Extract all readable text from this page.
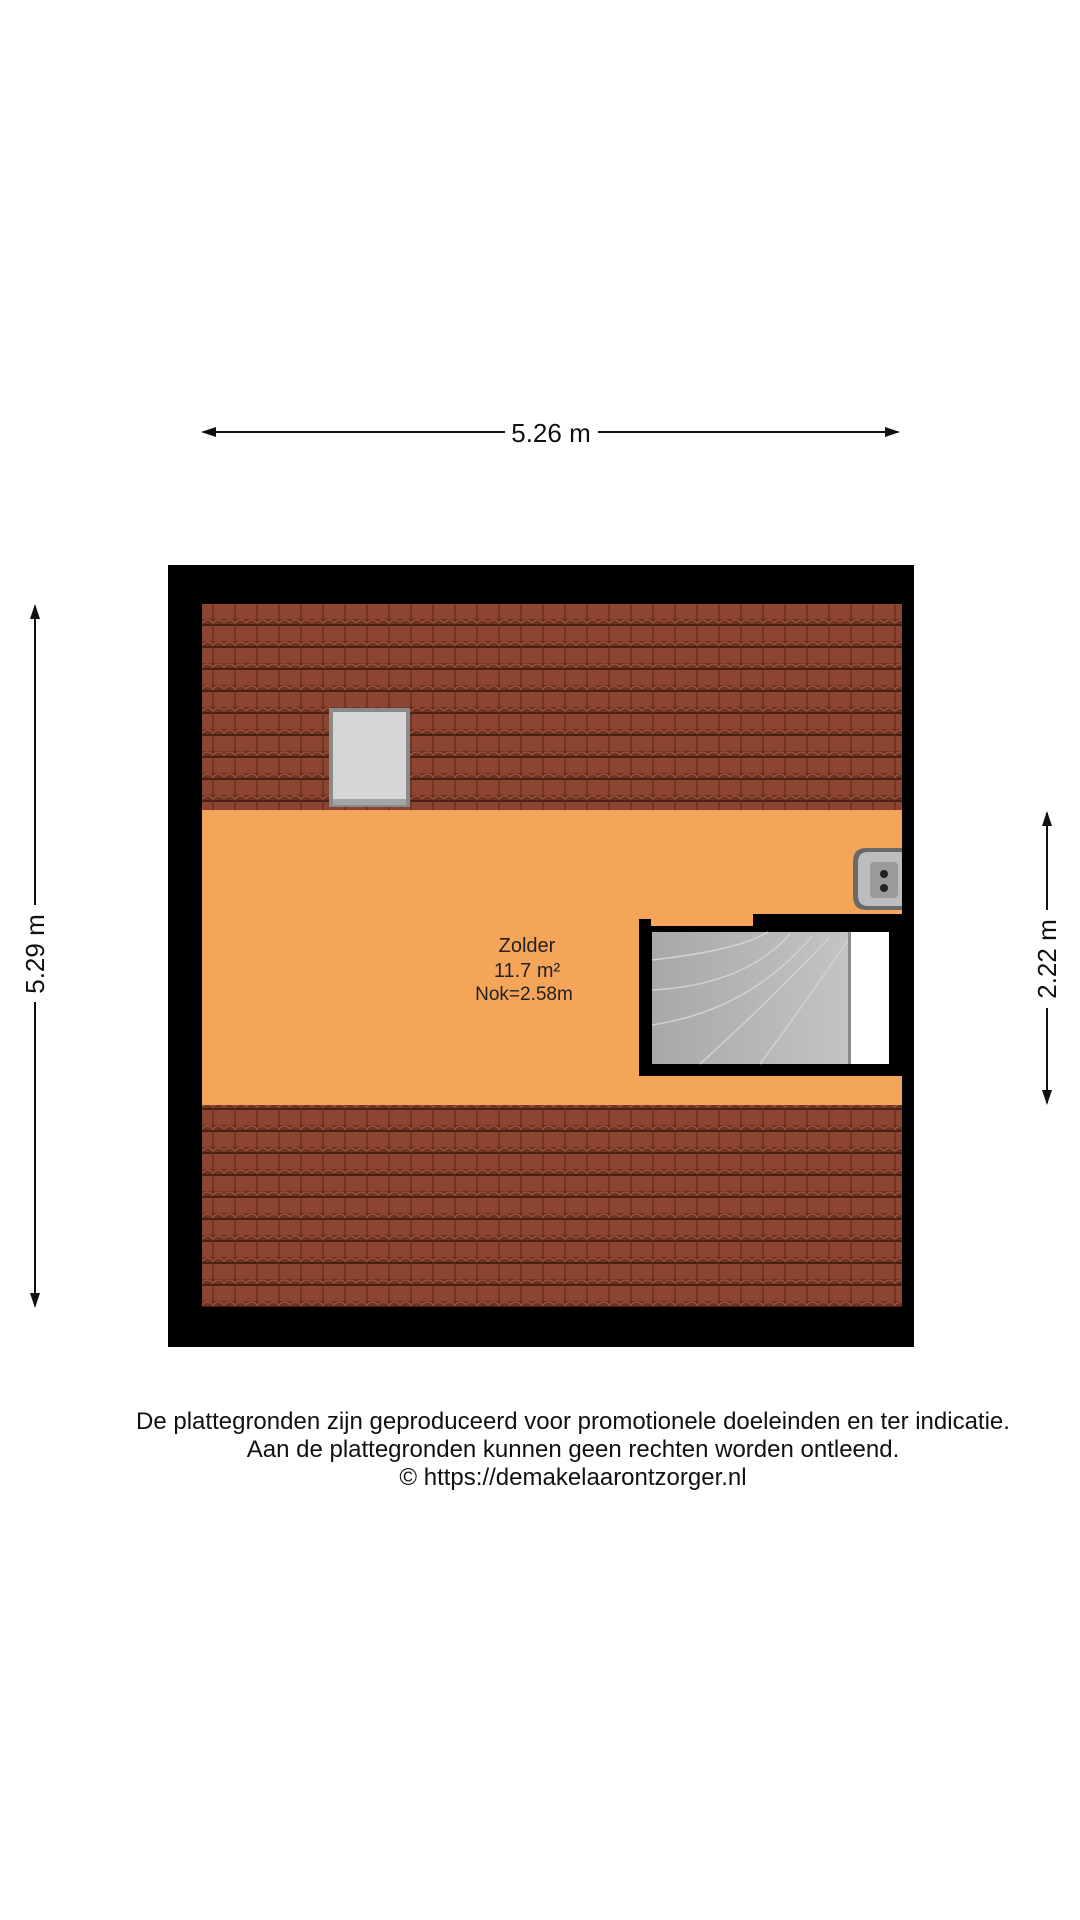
5.26 m
5.29 m	2.22 m
Zolder
11.7 m²
Nok=2.58m
De plattegronden zijn geproduceerd voor promotionele doeleinden en ter indicatie.
Aan de plattegronden kunnen geen rechten worden ontleend.
© https://demakelaarontzorger.nl
